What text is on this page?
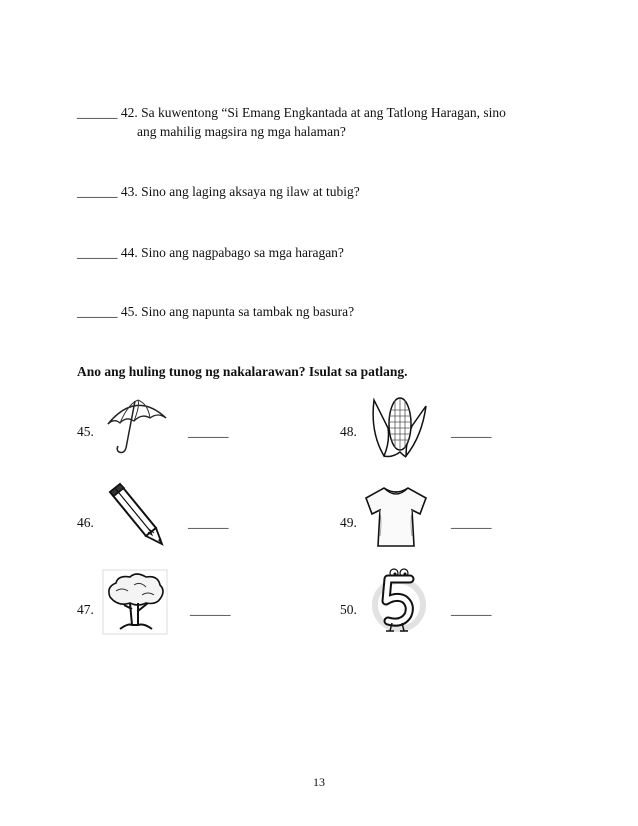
______ 42. Sa kuwentong “Si Emang Engkantada at ang Tatlong Haragan, sino
ang mahilig magsira ng mga halaman?
______ 43. Sino ang laging aksaya ng ilaw at tubig?
______ 44. Sino ang nagpabago sa mga haragan?
______ 45. Sino ang napunta sa tambak ng basura?
Ano ang huling tunog ng nakalarawan? Isulat sa patlang.
45.	______
46.	______
47.	______
48.	______
49.	______
50.	______
13
